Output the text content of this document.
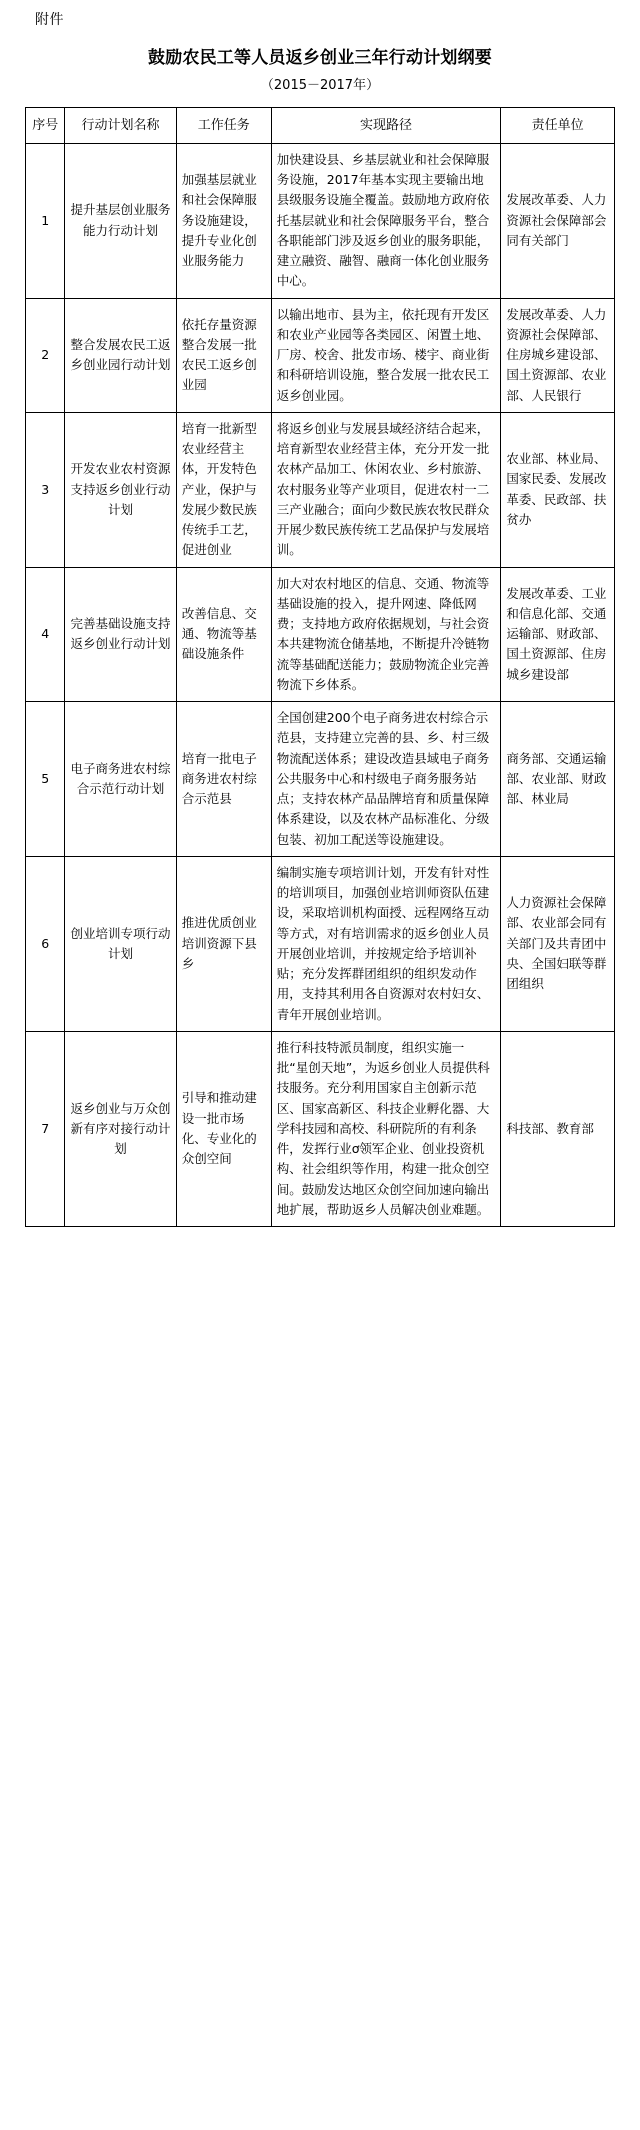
附件
鼓励农民工等人员返乡创业三年行动计划纲要
（2015－2017年）
序号	行动计划名称	工作任务	实现路径	责任单位
1	提升基层创业服务能力行动计划	加强基层就业和社会保障服务设施建设，提升专业化创业服务能力	加快建设县、乡基层就业和社会保障服务设施，2017年基本实现主要输出地县级服务设施全覆盖。鼓励地方政府依托基层就业和社会保障服务平台，整合各职能部门涉及返乡创业的服务职能，建立融资、融智、融商一体化创业服务中心。	发展改革委、人力资源社会保障部会同有关部门
2	整合发展农民工返乡创业园行动计划	依托存量资源整合发展一批农民工返乡创业园	以输出地市、县为主，依托现有开发区和农业产业园等各类园区、闲置土地、厂房、校舍、批发市场、楼宇、商业街和科研培训设施，整合发展一批农民工返乡创业园。	发展改革委、人力资源社会保障部、住房城乡建设部、国土资源部、农业部、人民银行
3	开发农业农村资源支持返乡创业行动计划	培育一批新型农业经营主体，开发特色产业，保护与发展少数民族传统手工艺，促进创业	将返乡创业与发展县域经济结合起来，培育新型农业经营主体，充分开发一批农林产品加工、休闲农业、乡村旅游、农村服务业等产业项目，促进农村一二三产业融合；面向少数民族农牧民群众开展少数民族传统工艺品保护与发展培训。	农业部、林业局、国家民委、发展改革委、民政部、扶贫办
4	完善基础设施支持返乡创业行动计划	改善信息、交通、物流等基础设施条件	加大对农村地区的信息、交通、物流等基础设施的投入，提升网速、降低网费；支持地方政府依据规划，与社会资本共建物流仓储基地，不断提升冷链物流等基础配送能力；鼓励物流企业完善物流下乡体系。	发展改革委、工业和信息化部、交通运输部、财政部、国土资源部、住房城乡建设部
5	电子商务进农村综合示范行动计划	培育一批电子商务进农村综合示范县	全国创建200个电子商务进农村综合示范县，支持建立完善的县、乡、村三级物流配送体系；建设改造县域电子商务公共服务中心和村级电子商务服务站点；支持农林产品品牌培育和质量保障体系建设，以及农林产品标准化、分级包装、初加工配送等设施建设。	商务部、交通运输部、农业部、财政部、林业局
6	创业培训专项行动计划	推进优质创业培训资源下县乡	编制实施专项培训计划，开发有针对性的培训项目，加强创业培训师资队伍建设，采取培训机构面授、远程网络互动等方式，对有培训需求的返乡创业人员开展创业培训，并按规定给予培训补贴；充分发挥群团组织的组织发动作用，支持其利用各自资源对农村妇女、青年开展创业培训。	人力资源社会保障部、农业部会同有关部门及共青团中央、全国妇联等群团组织
7	返乡创业与万众创新有序对接行动计划	引导和推动建设一批市场化、专业化的众创空间	推行科技特派员制度，组织实施一批“星创天地”，为返乡创业人员提供科技服务。充分利用国家自主创新示范区、国家高新区、科技企业孵化器、大学科技园和高校、科研院所的有利条件，发挥行业ơ领军企业、创业投资机构、社会组织等作用，构建一批众创空间。鼓励发达地区众创空间加速向输出地扩展，帮助返乡人员解决创业难题。	科技部、教育部
